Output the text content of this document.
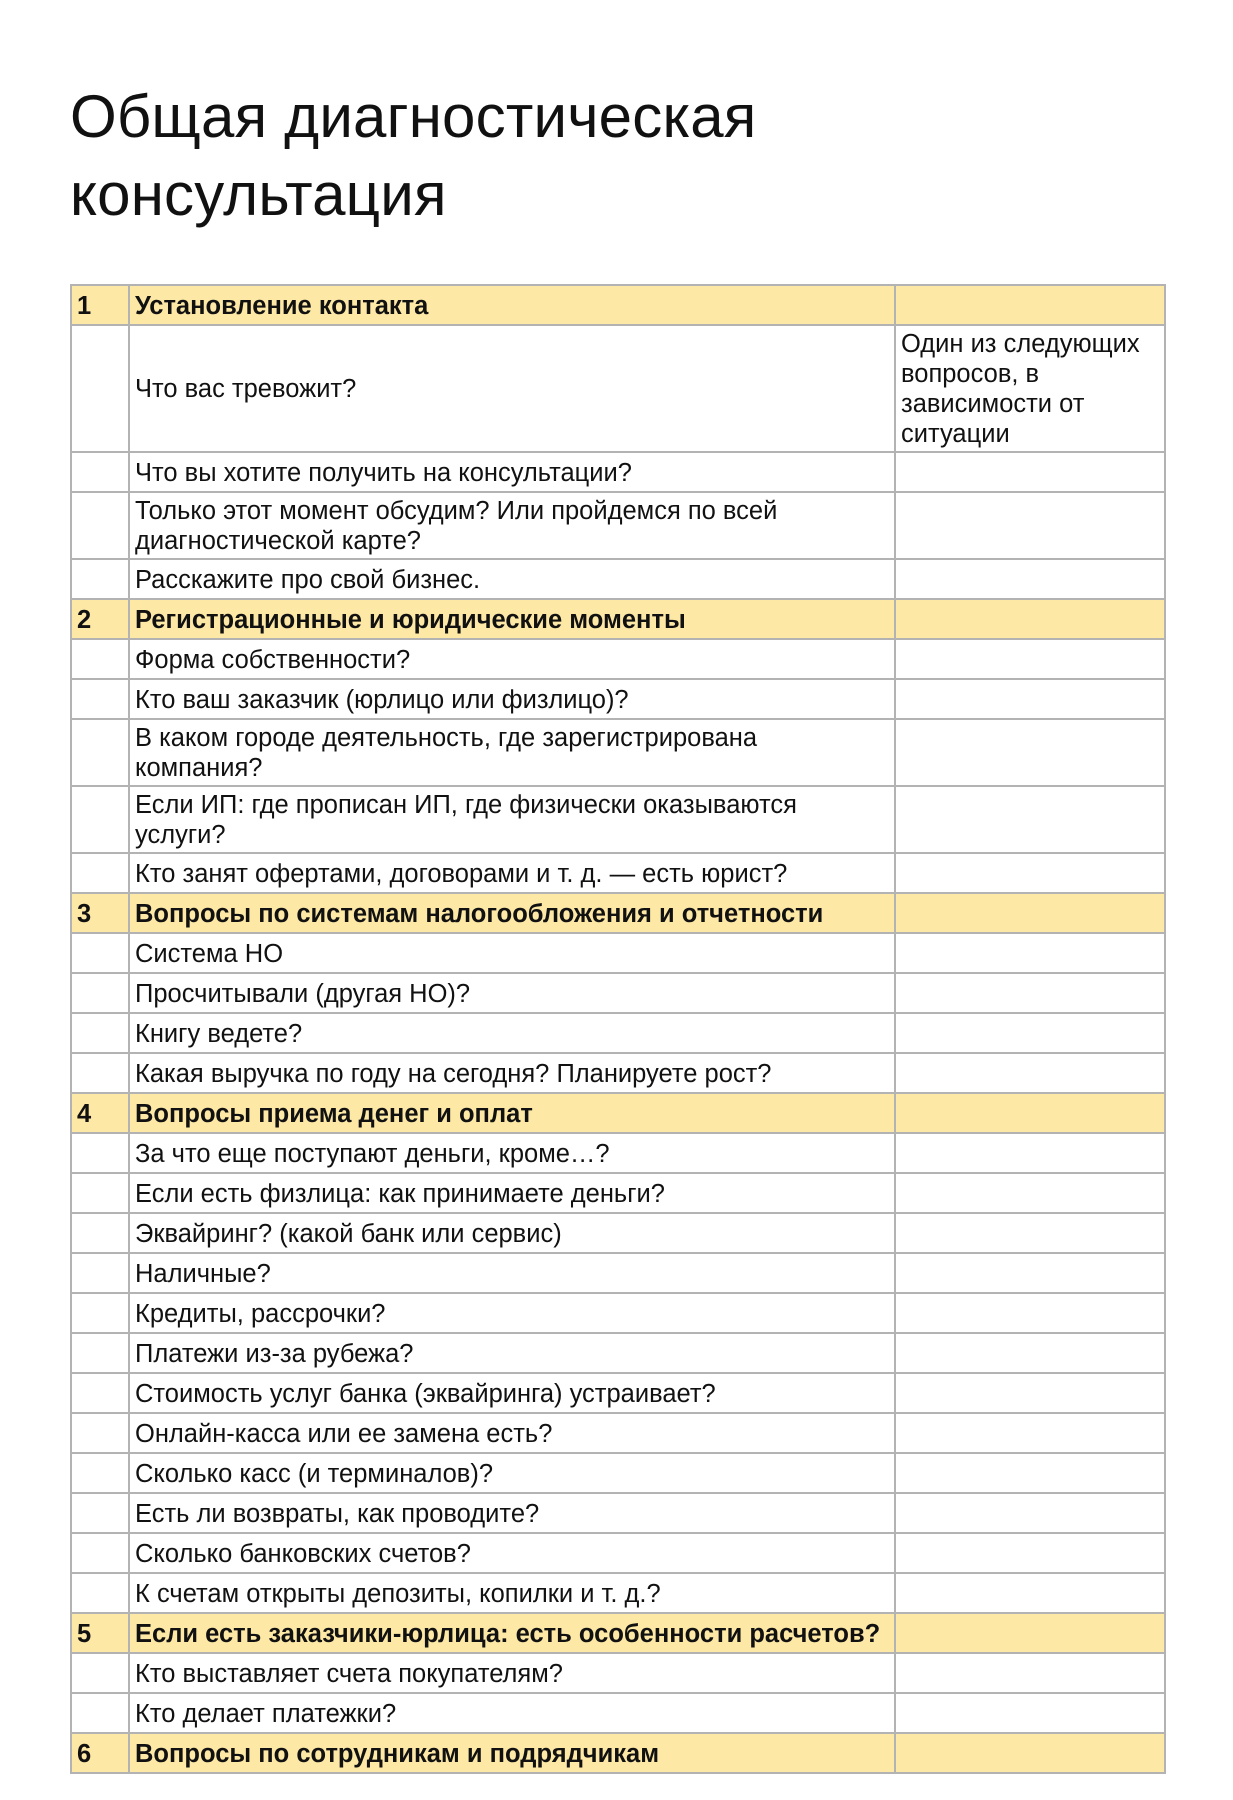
Общая диагностическая консультация
1	Установление контакта	
	Что вас тревожит?	Один из следующих вопросов, в зависимости от ситуации
	Что вы хотите получить на консультации?	
	Только этот момент обсудим? Или пройдемся по всей диагностической карте?	
	Расскажите про свой бизнес.	
2	Регистрационные и юридические моменты	
	Форма собственности?	
	Кто ваш заказчик (юрлицо или физлицо)?	
	В каком городе деятельность, где зарегистрирована компания?	
	Если ИП: где прописан ИП, где физически оказываются услуги?	
	Кто занят офертами, договорами и т. д. — есть юрист?	
3	Вопросы по системам налогообложения и отчетности	
	Система НО	
	Просчитывали (другая НО)?	
	Книгу ведете?	
	Какая выручка по году на сегодня? Планируете рост?	
4	Вопросы приема денег и оплат	
	За что еще поступают деньги, кроме…?	
	Если есть физлица: как принимаете деньги?	
	Эквайринг? (какой банк или сервис)	
	Наличные?	
	Кредиты, рассрочки?	
	Платежи из-за рубежа?	
	Стоимость услуг банка (эквайринга) устраивает?	
	Онлайн-касса или ее замена есть?	
	Сколько касс (и терминалов)?	
	Есть ли возвраты, как проводите?	
	Сколько банковских счетов?	
	К счетам открыты депозиты, копилки и т. д.?	
5	Если есть заказчики-юрлица: есть особенности расчетов?	
	Кто выставляет счета покупателям?	
	Кто делает платежки?	
6	Вопросы по сотрудникам и подрядчикам	
